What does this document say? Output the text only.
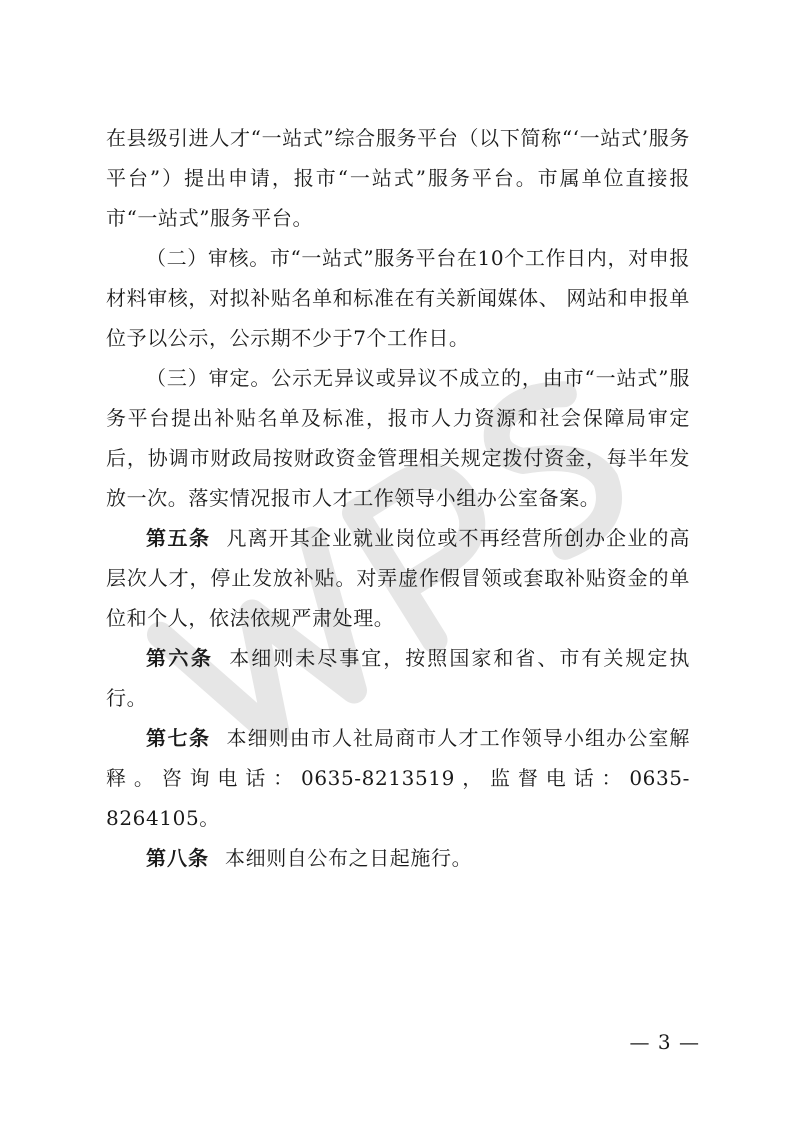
在县级引进人才“一站式”综合服务平台（以下简称“‘一站式’服务平台”）提出申请，报市“一站式”服务平台。市属单位直接报市“一站式”服务平台。

（二）审核。市“一站式”服务平台在10个工作日内，对申报材料审核，对拟补贴名单和标准在有关新闻媒体、 网站和申报单位予以公示，公示期不少于7个工作日。

（三）审定。公示无异议或异议不成立的，由市“一站式”服务平台提出补贴名单及标准，报市人力资源和社会保障局审定后，协调市财政局按财政资金管理相关规定拨付资金，每半年发放一次。落实情况报市人才工作领导小组办公室备案。

第五条 凡离开其企业就业岗位或不再经营所创办企业的高层次人才，停止发放补贴。对弄虚作假冒领或套取补贴资金的单位和个人，依法依规严肃处理。

第六条 本细则未尽事宜，按照国家和省、市有关规定执行。

第七条 本细则由市人社局商市人才工作领导小组办公室解释。咨询电话：0635-8213519，监督电话：0635-8264105。

第八条 本细则自公布之日起施行。

— 3 —
